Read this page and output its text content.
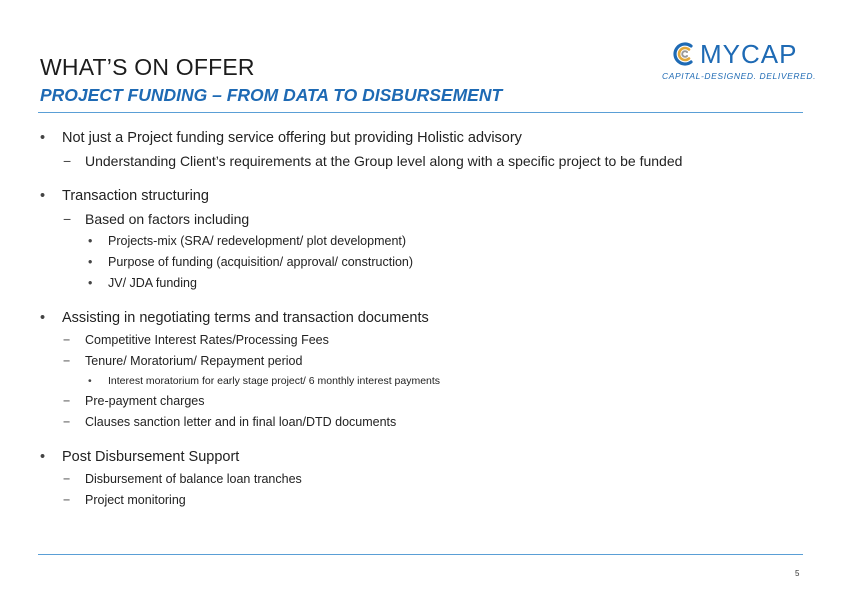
WHAT’S ON OFFER
PROJECT FUNDING – FROM DATA TO DISBURSEMENT
MYCAP
CAPITAL-DESIGNED. DELIVERED.
• Not just a Project funding service offering but providing Holistic advisory
− Understanding Client’s requirements at the Group level along with a specific project to be funded
• Transaction structuring
− Based on factors including
• Projects-mix (SRA/ redevelopment/ plot development)
• Purpose of funding (acquisition/ approval/ construction)
• JV/ JDA funding
• Assisting in negotiating terms and transaction documents
− Competitive Interest Rates/Processing Fees
− Tenure/ Moratorium/ Repayment period
• Interest moratorium for early stage project/ 6 monthly interest payments
− Pre-payment charges
− Clauses sanction letter and in final loan/DTD documents
• Post Disbursement Support
− Disbursement of balance loan tranches
− Project monitoring
5
